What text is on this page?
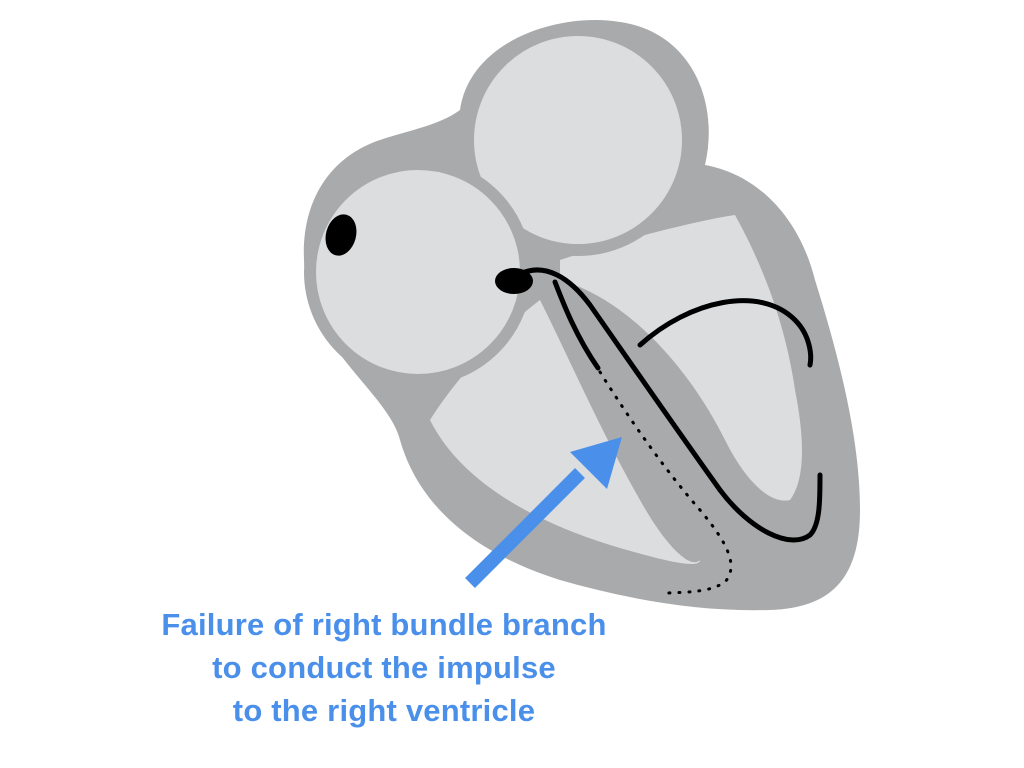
Failure of right bundle branch
to conduct the impulse
to the right ventricle
